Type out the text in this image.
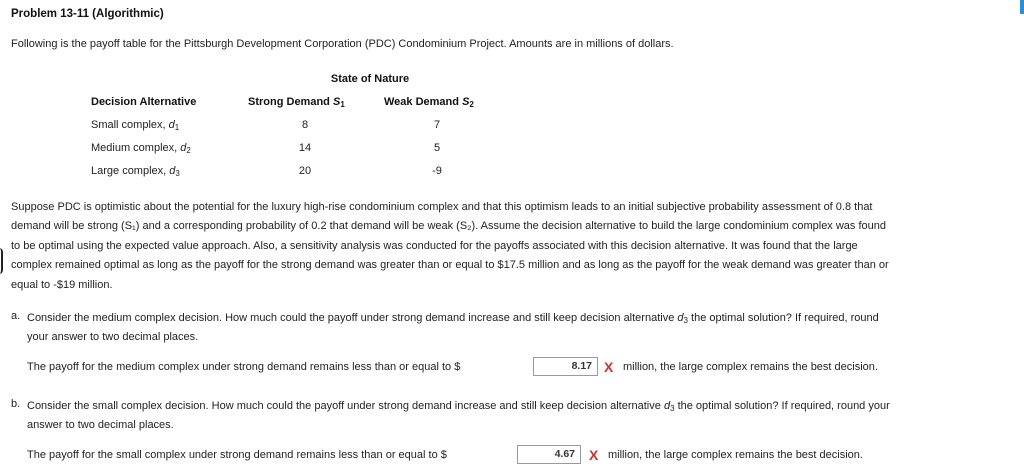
Problem 13-11 (Algorithmic)
Following is the payoff table for the Pittsburgh Development Corporation (PDC) Condominium Project. Amounts are in millions of dollars.
State of Nature
Decision Alternative	Strong Demand $S_1$	Weak Demand $S_2$
Small complex, $d_1$	8	7
Medium complex, $d_2$	14	5
Large complex, $d_3$	20	-9
Suppose PDC is optimistic about the potential for the luxury high-rise condominium complex and that this optimism leads to an initial subjective probability assessment of 0.8 that
demand will be strong (S₁) and a corresponding probability of 0.2 that demand will be weak (S₂). Assume the decision alternative to build the large condominium complex was found
to be optimal using the expected value approach. Also, a sensitivity analysis was conducted for the payoffs associated with this decision alternative. It was found that the large
complex remained optimal as long as the payoff for the strong demand was greater than or equal to $17.5 million and as long as the payoff for the weak demand was greater than or
equal to -$19 million.
a. Consider the medium complex decision. How much could the payoff under strong demand increase and still keep decision alternative $d_3$ the optimal solution? If required, round
your answer to two decimal places.
The payoff for the medium complex under strong demand remains less than or equal to $	8.17 X million, the large complex remains the best decision.
b. Consider the small complex decision. How much could the payoff under strong demand increase and still keep decision alternative $d_3$ the optimal solution? If required, round your
answer to two decimal places.
The payoff for the small complex under strong demand remains less than or equal to $	4.67	X million, the large complex remains the best decision.
